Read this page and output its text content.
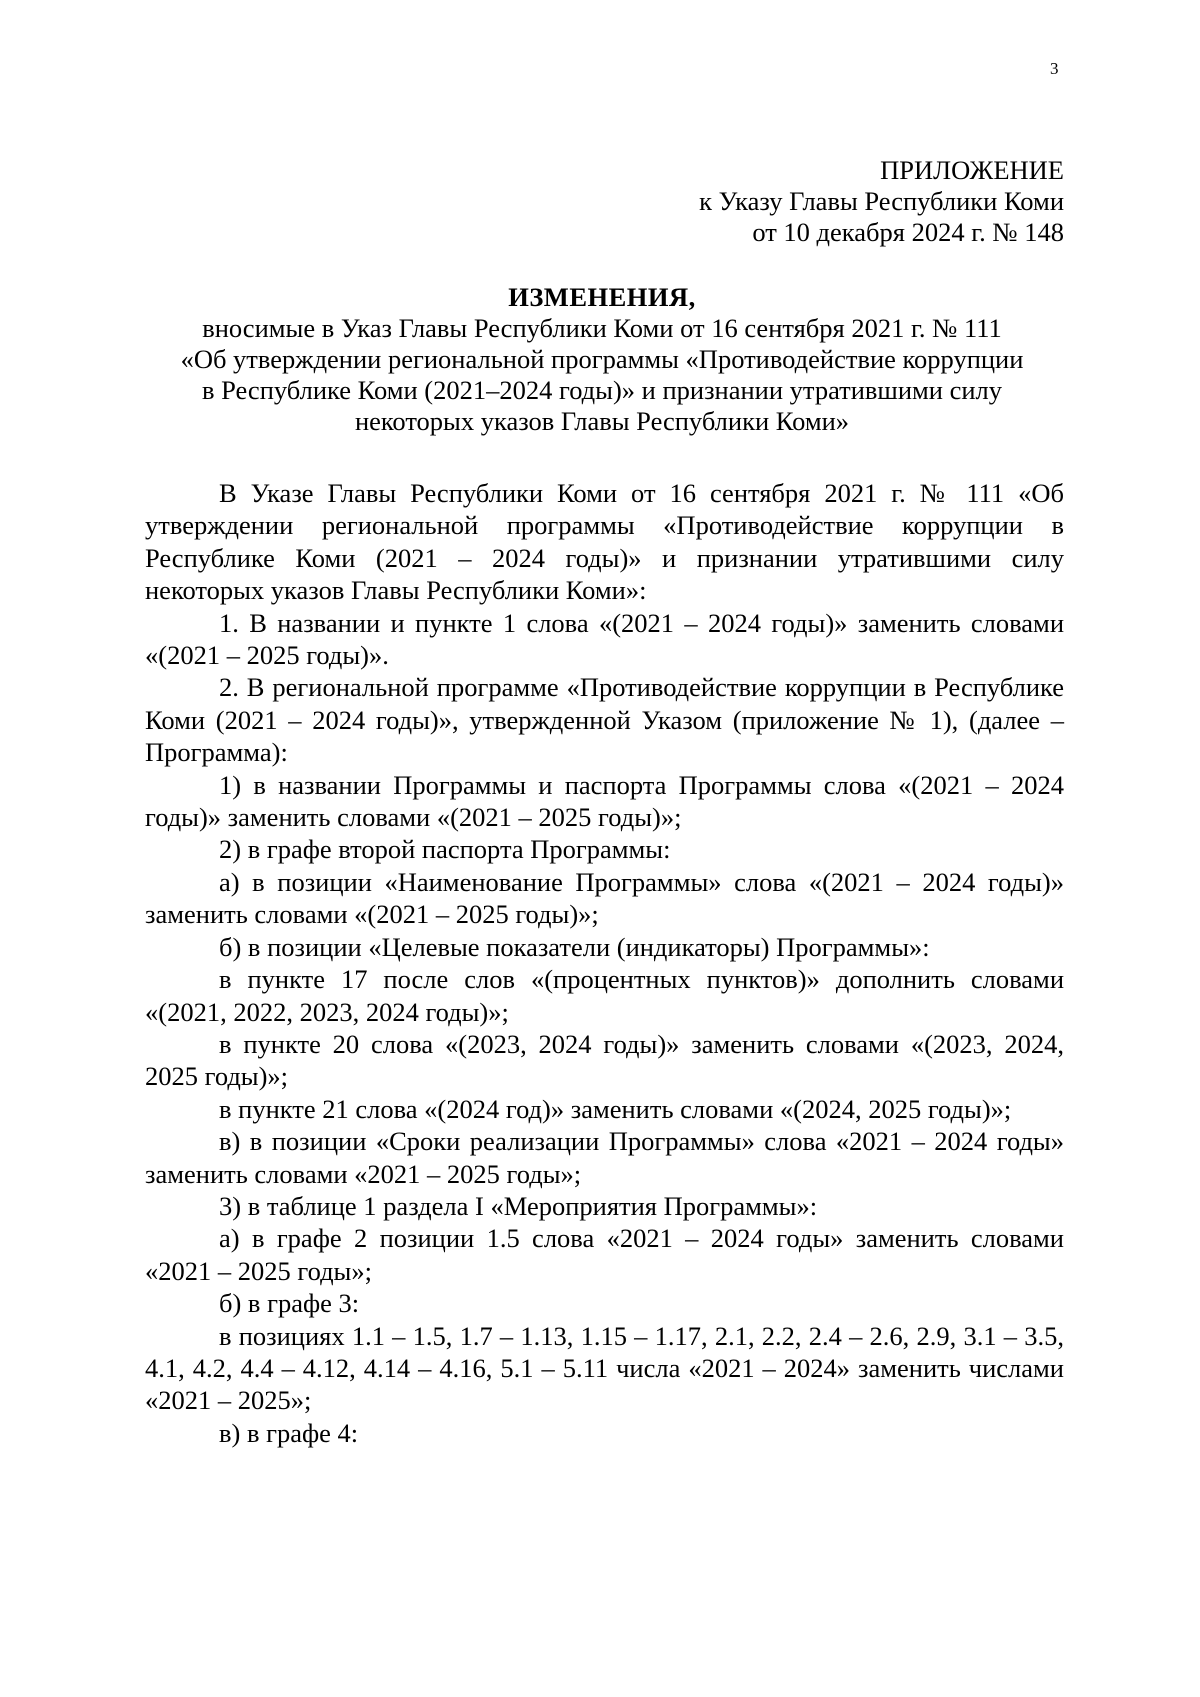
3
ПРИЛОЖЕНИЕ
к Указу Главы Республики Коми
от 10 декабря 2024 г. № 148
ИЗМЕНЕНИЯ,
вносимые в Указ Главы Республики Коми от 16 сентября 2021 г. № 111
«Об утверждении региональной программы «Противодействие коррупции
в Республике Коми (2021–2024 годы)» и признании утратившими силу
некоторых указов Главы Республики Коми»

В Указе Главы Республики Коми от 16 сентября 2021 г. № 111 «Об утверждении региональной программы «Противодействие коррупции в Республике Коми (2021 – 2024 годы)» и признании утратившими силу некоторых указов Главы Республики Коми»:

1. В названии и пункте 1 слова «(2021 – 2024 годы)» заменить словами «(2021 – 2025 годы)».

2. В региональной программе «Противодействие коррупции в Республике Коми (2021 – 2024 годы)», утвержденной Указом (приложение № 1), (далее – Программа):

1) в названии Программы и паспорта Программы слова «(2021 – 2024 годы)» заменить словами «(2021 – 2025 годы)»;

2) в графе второй паспорта Программы:

а) в позиции «Наименование Программы» слова «(2021 – 2024 годы)» заменить словами «(2021 – 2025 годы)»;

б) в позиции «Целевые показатели (индикаторы) Программы»:

в пункте 17 после слов «(процентных пунктов)» дополнить словами «(2021, 2022, 2023, 2024 годы)»;

в пункте 20 слова «(2023, 2024 годы)» заменить словами «(2023, 2024, 2025 годы)»;

в пункте 21 слова «(2024 год)» заменить словами «(2024, 2025 годы)»;

в) в позиции «Сроки реализации Программы» слова «2021 – 2024 годы» заменить словами «2021 – 2025 годы»;

3) в таблице 1 раздела I «Мероприятия Программы»:

а) в графе 2 позиции 1.5 слова «2021 – 2024 годы» заменить словами «2021 – 2025 годы»;

б) в графе 3:

в позициях 1.1 – 1.5, 1.7 – 1.13, 1.15 – 1.17, 2.1, 2.2, 2.4 – 2.6, 2.9, 3.1 – 3.5, 4.1, 4.2, 4.4 – 4.12, 4.14 – 4.16, 5.1 – 5.11 числа «2021 – 2024» заменить числами «2021 – 2025»;

в) в графе 4:
